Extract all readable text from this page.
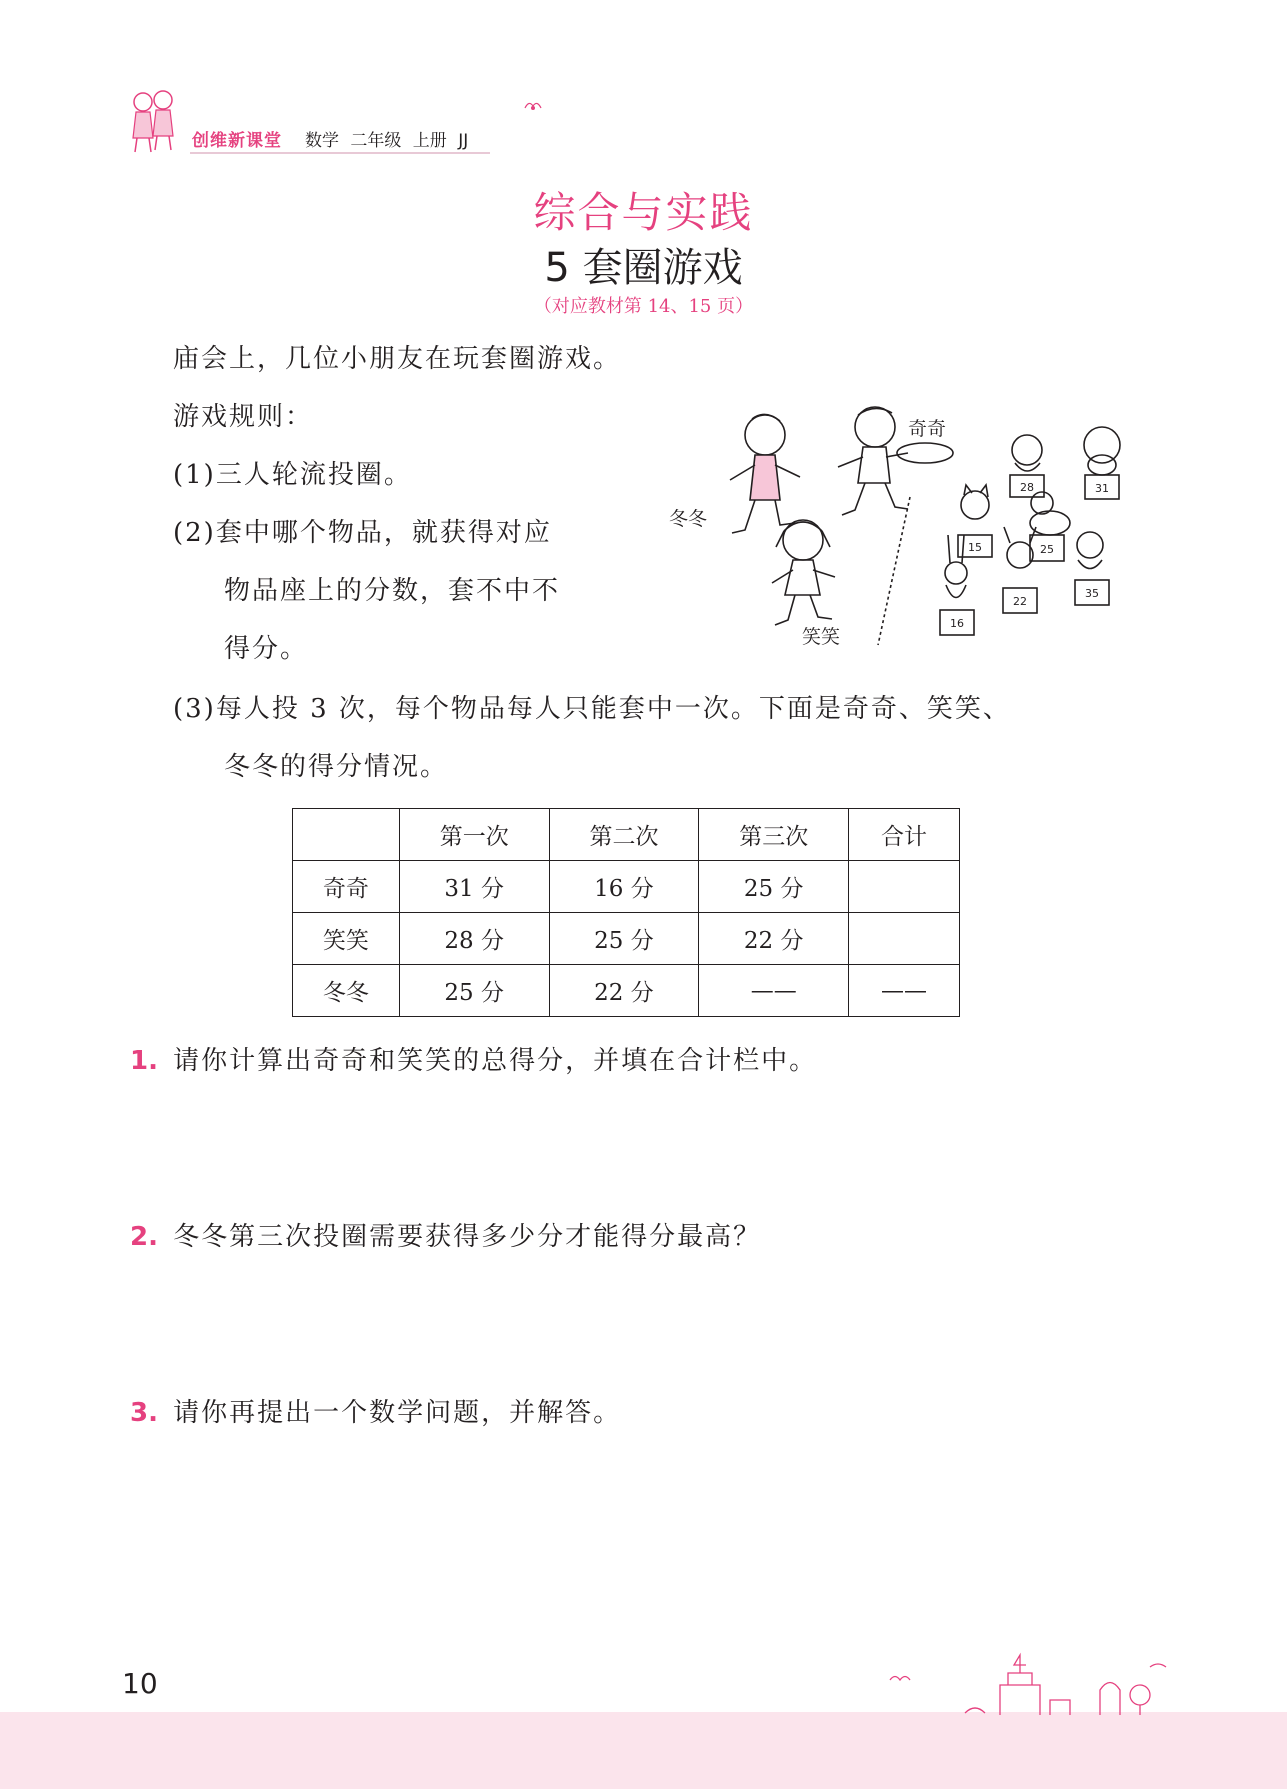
创维新课堂 数学 二年级 上册 JJ
综合与实践
5 套圈游戏
（对应教材第 14、15 页）
庙会上，几位小朋友在玩套圈游戏。
游戏规则：
(1)三人轮流投圈。
(2)套中哪个物品，就获得对应
物品座上的分数，套不中不
得分。
(3)每人投 3 次，每个物品每人只能套中一次。下面是奇奇、笑笑、
冬冬的得分情况。
28	31
15	25
22
35
16
奇奇
冬冬
笑笑
	第一次	第二次	第三次	合计
奇奇	31 分	16 分	25 分	
笑笑	28 分	25 分	22 分	
冬冬	25 分	22 分	——	——
1. 请你计算出奇奇和笑笑的总得分，并填在合计栏中。
2. 冬冬第三次投圈需要获得多少分才能得分最高？
3. 请你再提出一个数学问题，并解答。
10
